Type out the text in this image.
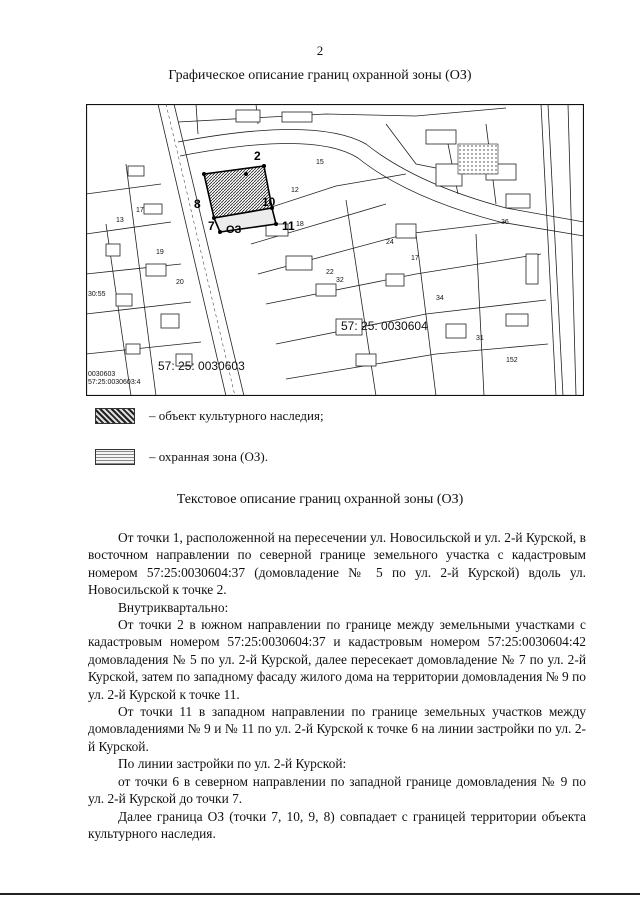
2
Графическое описание границ охранной зоны (ОЗ)
2
8	10
7	11
ОЗ
57: 25: 0030604
57: 25: 0030603
30:55
0030603
57:25:0030603:4
12
17
18
20
22
24
19
15
17
13
32
31
34
36
152
– объект культурного наследия;
– охранная зона (ОЗ).
Текстовое описание границ охранной зоны (ОЗ)

От точки 1, расположенной на пересечении ул. Новосильской и ул. 2-й Курской, в восточном направлении по северной границе земельного участка с кадастровым номером 57:25:0030604:37 (домовладение № 5 по ул. 2-й Курской) вдоль ул. Новосильской к точке 2.

Внутриквартально:

От точки 2 в южном направлении по границе между земельными участками с кадастровым номером 57:25:0030604:37 и кадастровым номером 57:25:0030604:42 домовладения № 5 по ул. 2-й Курской, далее пересекает домовладение № 7 по ул. 2-й Курской, затем по западному фасаду жилого дома на территории домовладения № 9 по ул. 2-й Курской к точке 11.

От точки 11 в западном направлении по границе земельных участков между домовладениями № 9 и № 11 по ул. 2-й Курской к точке 6 на линии застройки по ул. 2-й Курской.

По линии застройки по ул. 2-й Курской:

от точки 6 в северном направлении по западной границе домовладения № 9 по ул. 2-й Курской до точки 7.

Далее граница ОЗ (точки 7, 10, 9, 8) совпадает с границей территории объекта культурного наследия.
